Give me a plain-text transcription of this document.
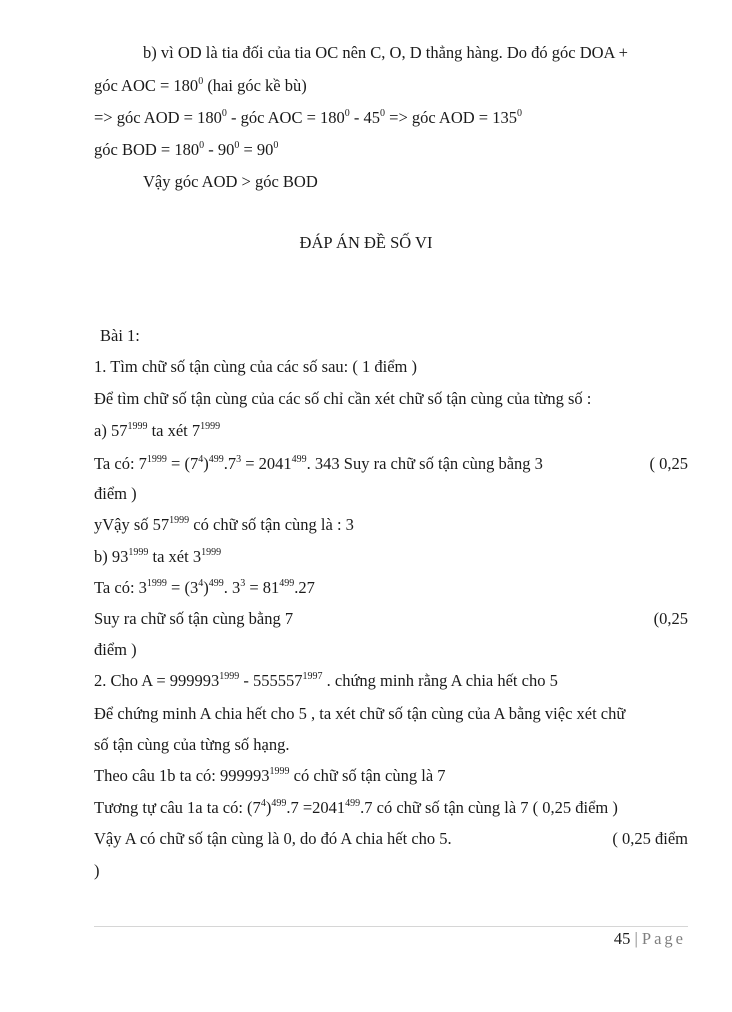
b) vì OD là tia đối của tia OC nên C, O, D thẳng hàng. Do đó góc DOA +
góc AOC = $180^0$ (hai góc kề bù)
=> góc AOD = $180^0$ - góc AOC = $180^0 - 45^0$ => góc AOD = $135^0$
góc BOD = $180^0 - 90^0 = 90^0$
Vậy góc AOD > góc BOD
ĐÁP ÁN ĐỀ SỐ VI
Bài 1:
1. Tìm chữ số tận cùng của các số sau: ( 1 điểm )
Để tìm chữ số tận cùng của các số chỉ cần xét chữ số tận cùng của từng số :
a) $57^{1999}$ ta xét $7^{1999}$
Ta có: $7^{1999} = (7^4)^{499}.7^3 = 2041^{499}$. 343 Suy ra chữ số tận cùng bằng 3	( 0,25
điểm )
yVậy số $57^{1999}$ có chữ số tận cùng là : 3
b) $93^{1999}$ ta xét $3^{1999}$
Ta có: $3^{1999} = (3^4)^{499}$. $3^3 = 81^{499}.27$
Suy ra chữ số tận cùng bằng 7	(0,25
điểm )
2. Cho $A = 999993^{1999} - 555557^{1997}$ . chứng minh rằng A chia hết cho 5
Để chứng minh A chia hết cho 5 , ta xét chữ số tận cùng của A bằng việc xét chữ
số tận cùng của từng số hạng.
Theo câu 1b ta có: $999993^{1999}$ có chữ số tận cùng là 7
Tương tự câu 1a ta có: $(7^4)^{499}.7 =2041^{499}.7$ có chữ số tận cùng là 7 ( 0,25 điểm )
Vậy A có chữ số tận cùng là 0, do đó A chia hết cho 5.	( 0,25 điểm
)
45 | Page
